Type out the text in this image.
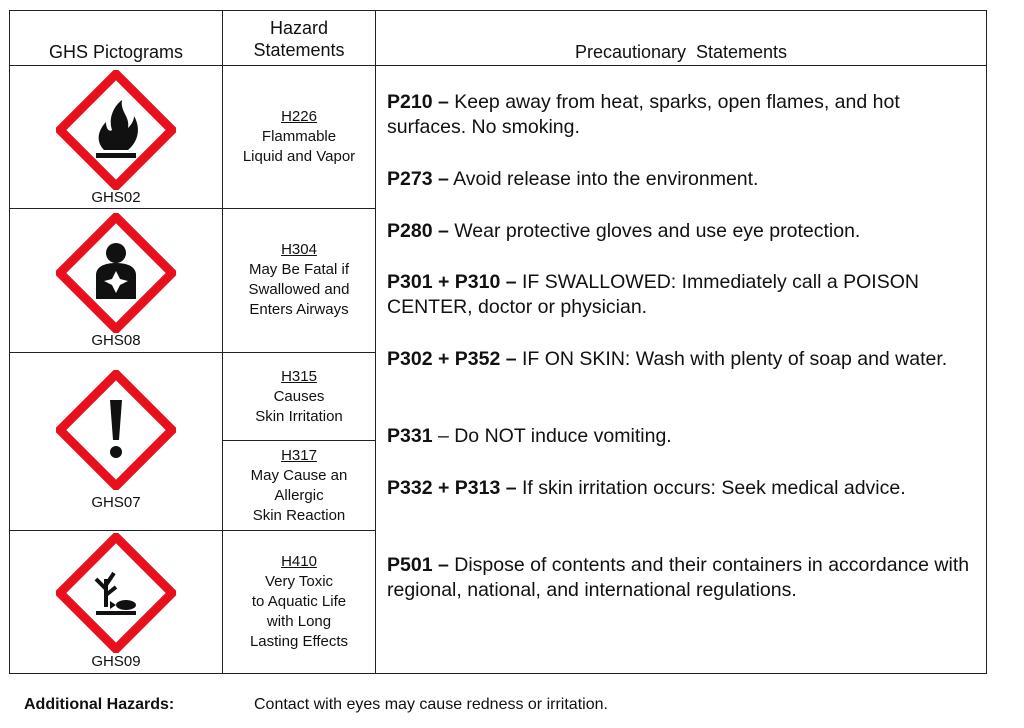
GHS Pictograms
Hazard
Statements	Precautionary  Statements
GHS02
GHS08
GHS07
GHS09
H226
Flammable
Liquid and Vapor
H304
May Be Fatal if
Swallowed and
Enters Airways
H315
Causes
Skin Irritation
H317
May Cause an
Allergic
Skin Reaction
H410
Very Toxic
to Aquatic Life
with Long
Lasting Effects
P210 – Keep away from heat, sparks, open flames, and hot surfaces. No smoking.
P273 – Avoid release into the environment.
P280 – Wear protective gloves and use eye protection.
P301 + P310 – IF SWALLOWED: Immediately call a POISON CENTER, doctor or physician.
P302 + P352 – IF ON SKIN: Wash with plenty of soap and water.
P331 – Do NOT induce vomiting.
P332 + P313 – If skin irritation occurs: Seek medical advice.
P501 – Dispose of contents and their containers in accordance with regional, national, and international regulations.
Additional Hazards:	Contact with eyes may cause redness or irritation.
